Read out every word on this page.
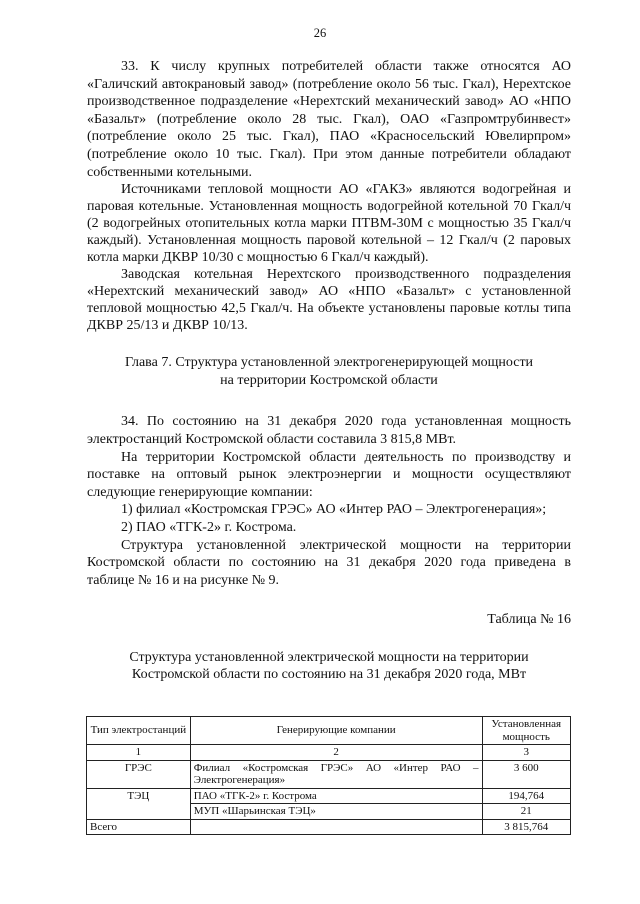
26

33. К числу крупных потребителей области также относятся АО «Галичский автокрановый завод» (потребление около 56 тыс. Гкал), Нерехтское производственное подразделение «Нерехтский механический завод» АО «НПО «Базальт» (потребление около 28 тыс. Гкал), ОАО «Газпромтрубинвест» (потребление около 25 тыс. Гкал), ПАО «Красносельский Ювелирпром» (потребление около 10 тыс. Гкал). При этом данные потребители обладают собственными котельными.

Источниками тепловой мощности АО «ГАКЗ» являются водогрейная и паровая котельные. Установленная мощность водогрейной котельной 70 Гкал/ч (2 водогрейных отопительных котла марки ПТВМ-30М с мощностью 35 Гкал/ч каждый). Установленная мощность паровой котельной – 12 Гкал/ч (2 паровых котла марки ДКВР 10/30 с мощностью 6 Гкал/ч каждый).

Заводская котельная Нерехтского производственного подразделения «Нерехтский механический завод» АО «НПО «Базальт» с установленной тепловой мощностью 42,5 Гкал/ч. На объекте установлены паровые котлы типа ДКВР 25/13 и ДКВР 10/13.

Глава 7. Структура установленной электрогенерирующей мощности
на территории Костромской области

34. По состоянию на 31 декабря 2020 года установленная мощность электростанций Костромской области составила 3 815,8 МВт.

На территории Костромской области деятельность по производству и поставке на оптовый рынок электроэнергии и мощности осуществляют следующие генерирующие компании:

1) филиал «Костромская ГРЭС» АО «Интер РАО – Электрогенерация»;

2) ПАО «ТГК-2» г. Кострома.

Структура установленной электрической мощности на территории Костромской области по состоянию на 31 декабря 2020 года приведена в таблице № 16 и на рисунке № 9.

Таблица № 16
Структура установленной электрической мощности на территории
Костромской области по состоянию на 31 декабря 2020 года, МВт
Тип электростанций	Генерирующие компании	Установленная мощность
1	2	3
ГРЭС	Филиал «Костромская ГРЭС» АО «Интер РАО – Электрогенерация»	3 600
ТЭЦ	ПАО «ТГК-2» г. Кострома	194,764
	МУП «Шарьинская ТЭЦ»	21
Всего		3 815,764
